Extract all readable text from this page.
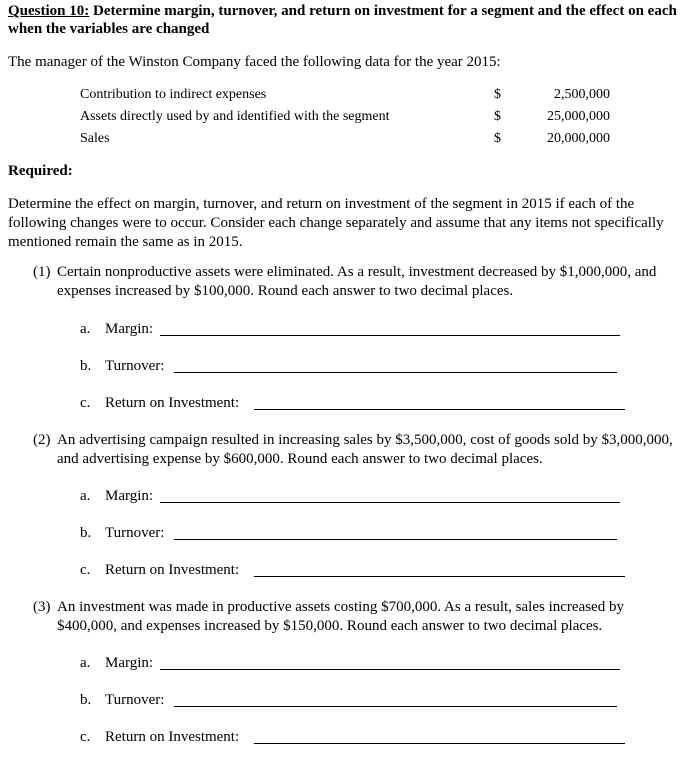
Question 10: Determine margin, turnover, and return on investment for a segment and the effect on each when the variables are changed
The manager of the Winston Company faced the following data for the year 2015:
Contribution to indirect expenses	$	2,500,000
Assets directly used by and identified with the segment	$	25,000,000
Sales	$	20,000,000
Required:
Determine the effect on margin, turnover, and return on investment of the segment in 2015 if each of the following changes were to occur. Consider each change separately and assume that any items not specifically mentioned remain the same as in 2015.
(1) Certain nonproductive assets were eliminated. As a result, investment decreased by $1,000,000, and expenses increased by $100,000. Round each answer to two decimal places.
a. Margin:
b. Turnover:
c. Return on Investment:
(2) An advertising campaign resulted in increasing sales by $3,500,000, cost of goods sold by $3,000,000, and advertising expense by $600,000. Round each answer to two decimal places.
a. Margin:
b. Turnover:
c. Return on Investment:
(3) An investment was made in productive assets costing $700,000. As a result, sales increased by $400,000, and expenses increased by $150,000. Round each answer to two decimal places.
a. Margin:
b. Turnover:
c. Return on Investment:
